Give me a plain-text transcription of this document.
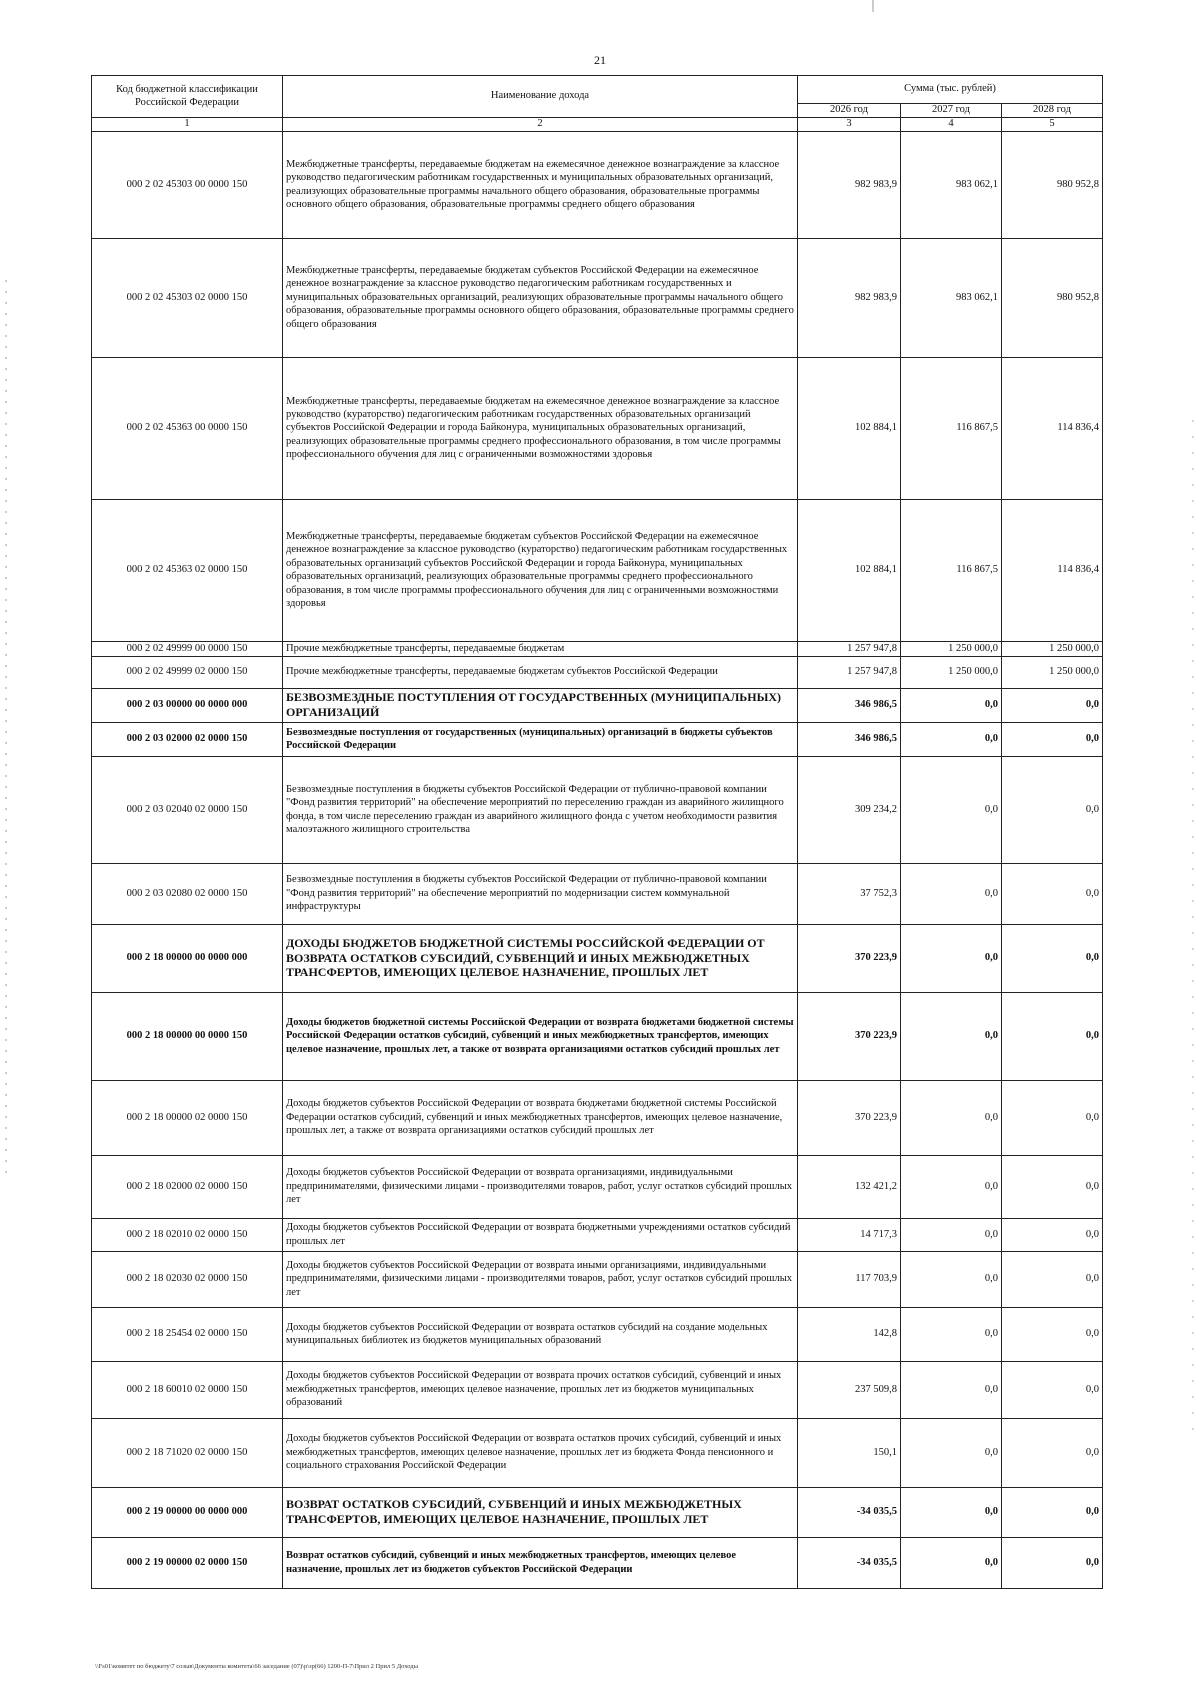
21
Код бюджетной классификации Российской Федерации	Наименование дохода	Сумма (тыс. рублей)		
		2026 год	2027 год	2028 год
1	2	3	4	5
000 2 02 45303 00 0000 150	Межбюджетные трансферты, передаваемые бюджетам на ежемесячное денежное вознаграждение за классное руководство педагогическим работникам государственных и муниципальных образовательных организаций, реализующих образовательные программы начального общего образования, образовательные программы основного общего образования, образовательные программы среднего общего образования	982 983,9	983 062,1	980 952,8
000 2 02 45303 02 0000 150	Межбюджетные трансферты, передаваемые бюджетам субъектов Российской Федерации на ежемесячное денежное вознаграждение за классное руководство педагогическим работникам государственных и муниципальных образовательных организаций, реализующих образовательные программы начального общего образования, образовательные программы основного общего образования, образовательные программы среднего общего образования	982 983,9	983 062,1	980 952,8
000 2 02 45363 00 0000 150	Межбюджетные трансферты, передаваемые бюджетам на ежемесячное денежное вознаграждение за классное руководство (кураторство) педагогическим работникам государственных образовательных организаций субъектов Российской Федерации и города Байконура, муниципальных образовательных организаций, реализующих образовательные программы среднего профессионального образования, в том числе программы профессионального обучения для лиц с ограниченными возможностями здоровья	102 884,1	116 867,5	114 836,4
000 2 02 45363 02 0000 150	Межбюджетные трансферты, передаваемые бюджетам субъектов Российской Федерации на ежемесячное денежное вознаграждение за классное руководство (кураторство) педагогическим работникам государственных образовательных организаций субъектов Российской Федерации и города Байконура, муниципальных образовательных организаций, реализующих образовательные программы среднего профессионального образования, в том числе программы профессионального обучения для лиц с ограниченными возможностями здоровья	102 884,1	116 867,5	114 836,4
000 2 02 49999 00 0000 150	Прочие межбюджетные трансферты, передаваемые бюджетам	1 257 947,8	1 250 000,0	1 250 000,0
000 2 02 49999 02 0000 150	Прочие межбюджетные трансферты, передаваемые бюджетам субъектов Российской Федерации	1 257 947,8	1 250 000,0	1 250 000,0
000 2 03 00000 00 0000 000	БЕЗВОЗМЕЗДНЫЕ ПОСТУПЛЕНИЯ ОТ ГОСУДАРСТВЕННЫХ (МУНИЦИПАЛЬНЫХ) ОРГАНИЗАЦИЙ	346 986,5	0,0	0,0
000 2 03 02000 02 0000 150	Безвозмездные поступления от государственных (муниципальных) организаций в бюджеты субъектов Российской Федерации	346 986,5	0,0	0,0
000 2 03 02040 02 0000 150	Безвозмездные поступления в бюджеты субъектов Российской Федерации от публично-правовой компании "Фонд развития территорий" на обеспечение мероприятий по переселению граждан из аварийного жилищного фонда, в том числе переселению граждан из аварийного жилищного фонда с учетом необходимости развития малоэтажного жилищного строительства	309 234,2	0,0	0,0
000 2 03 02080 02 0000 150	Безвозмездные поступления в бюджеты субъектов Российской Федерации от публично-правовой компании "Фонд развития территорий" на обеспечение мероприятий по модернизации систем коммунальной инфраструктуры	37 752,3	0,0	0,0
000 2 18 00000 00 0000 000	ДОХОДЫ БЮДЖЕТОВ БЮДЖЕТНОЙ СИСТЕМЫ РОССИЙСКОЙ ФЕДЕРАЦИИ ОТ ВОЗВРАТА ОСТАТКОВ СУБСИДИЙ, СУБВЕНЦИЙ И ИНЫХ МЕЖБЮДЖЕТНЫХ ТРАНСФЕРТОВ, ИМЕЮЩИХ ЦЕЛЕВОЕ НАЗНАЧЕНИЕ, ПРОШЛЫХ ЛЕТ	370 223,9	0,0	0,0
000 2 18 00000 00 0000 150	Доходы бюджетов бюджетной системы Российской Федерации от возврата бюджетами бюджетной системы Российской Федерации остатков субсидий, субвенций и иных межбюджетных трансфертов, имеющих целевое назначение, прошлых лет, а также от возврата организациями остатков субсидий прошлых лет	370 223,9	0,0	0,0
000 2 18 00000 02 0000 150	Доходы бюджетов субъектов Российской Федерации от возврата бюджетами бюджетной системы Российской Федерации остатков субсидий, субвенций и иных межбюджетных трансфертов, имеющих целевое назначение, прошлых лет, а также от возврата организациями остатков субсидий прошлых лет	370 223,9	0,0	0,0
000 2 18 02000 02 0000 150	Доходы бюджетов субъектов Российской Федерации от возврата организациями, индивидуальными предпринимателями, физическими лицами - производителями товаров, работ, услуг остатков субсидий прошлых лет	132 421,2	0,0	0,0
000 2 18 02010 02 0000 150	Доходы бюджетов субъектов Российской Федерации от возврата бюджетными учреждениями остатков субсидий прошлых лет	14 717,3	0,0	0,0
000 2 18 02030 02 0000 150	Доходы бюджетов субъектов Российской Федерации от возврата иными организациями, индивидуальными предпринимателями, физическими лицами - производителями товаров, работ, услуг остатков субсидий прошлых лет	117 703,9	0,0	0,0
000 2 18 25454 02 0000 150	Доходы бюджетов субъектов Российской Федерации от возврата остатков субсидий на создание модельных муниципальных библиотек из бюджетов муниципальных образований	142,8	0,0	0,0
000 2 18 60010 02 0000 150	Доходы бюджетов субъектов Российской Федерации от возврата прочих остатков субсидий, субвенций и иных межбюджетных трансфертов, имеющих целевое назначение, прошлых лет из бюджетов муниципальных образований	237 509,8	0,0	0,0
000 2 18 71020 02 0000 150	Доходы бюджетов субъектов Российской Федерации от возврата остатков прочих субсидий, субвенций и иных межбюджетных трансфертов, имеющих целевое назначение, прошлых лет из бюджета Фонда пенсионного и социального страхования Российской Федерации	150,1	0,0	0,0
000 2 19 00000 00 0000 000	ВОЗВРАТ ОСТАТКОВ СУБСИДИЙ, СУБВЕНЦИЙ И ИНЫХ МЕЖБЮДЖЕТНЫХ ТРАНСФЕРТОВ, ИМЕЮЩИХ ЦЕЛЕВОЕ НАЗНАЧЕНИЕ, ПРОШЛЫХ ЛЕТ	-34 035,5	0,0	0,0
000 2 19 00000 02 0000 150	Возврат остатков субсидий, субвенций и иных межбюджетных трансфертов, имеющих целевое назначение, прошлых лет из бюджетов субъектов Российской Федерации	-34 035,5	0,0	0,0
\\Fs01\комитет по бюджету\7 созыв\Документы комитета\66 заседание (07)\р\зр(66) 1200-П-7\Прил 2 Прил 5 Доходы
